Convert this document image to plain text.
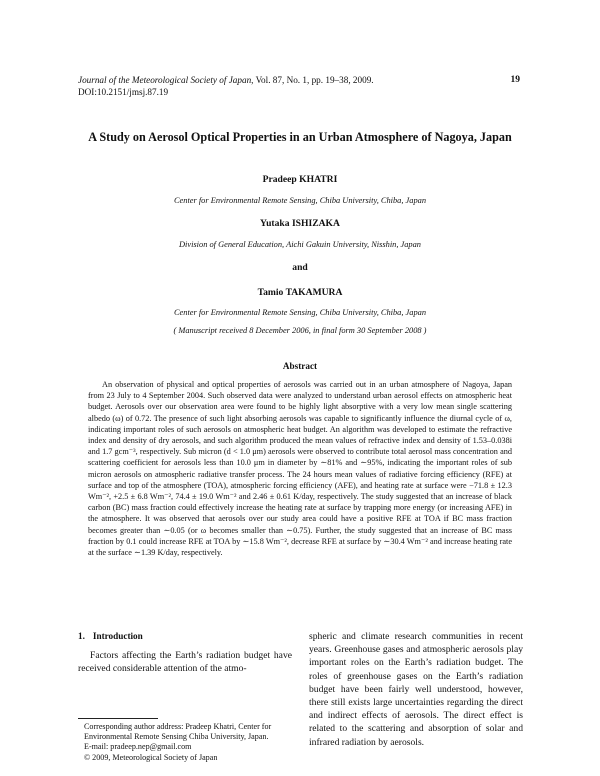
Journal of the Meteorological Society of Japan, Vol. 87, No. 1, pp. 19–38, 2009.
DOI:10.2151/jmsj.87.19
19
A Study on Aerosol Optical Properties in an Urban Atmosphere of Nagoya, Japan
Pradeep KHATRI
Center for Environmental Remote Sensing, Chiba University, Chiba, Japan
Yutaka ISHIZAKA
Division of General Education, Aichi Gakuin University, Nisshin, Japan
and
Tamio TAKAMURA
Center for Environmental Remote Sensing, Chiba University, Chiba, Japan
( Manuscript received 8 December 2006, in final form 30 September 2008 )
Abstract

An observation of physical and optical properties of aerosols was carried out in an urban atmosphere of Nagoya, Japan from 23 July to 4 September 2004. Such observed data were analyzed to understand urban aerosol effects on atmospheric heat budget. Aerosols over our observation area were found to be highly light absorptive with a very low mean single scattering albedo (ω) of 0.72. The presence of such light absorbing aerosols was capable to significantly influence the diurnal cycle of ω, indicating important roles of such aerosols on atmospheric heat budget. An algorithm was developed to estimate the refractive index and density of dry aerosols, and such algorithm produced the mean values of refractive index and density of 1.53–0.038i and 1.7 gcm⁻³, respectively. Sub micron (d < 1.0 μm) aerosols were observed to contribute total aerosol mass concentration and scattering coefficient for aerosols less than 10.0 μm in diameter by ∼81% and ∼95%, indicating the important roles of sub micron aerosols on atmospheric radiative transfer process. The 24 hours mean values of radiative forcing efficiency (RFE) at surface and top of the atmosphere (TOA), atmospheric forcing efficiency (AFE), and heating rate at surface were −71.8 ± 12.3 Wm⁻², +2.5 ± 6.8 Wm⁻², 74.4 ± 19.0 Wm⁻² and 2.46 ± 0.61 K/day, respectively. The study suggested that an increase of black carbon (BC) mass fraction could effectively increase the heating rate at surface by trapping more energy (or increasing AFE) in the atmosphere. It was observed that aerosols over our study area could have a positive RFE at TOA if BC mass fraction becomes greater than ∼0.05 (or ω becomes smaller than ∼0.75). Further, the study suggested that an increase of BC mass fraction by 0.1 could increase RFE at TOA by ∼15.8 Wm⁻², decrease RFE at surface by ∼30.4 Wm⁻² and increase heating rate at the surface ∼1.39 K/day, respectively.

1. Introduction

Factors affecting the Earth’s radiation budget have received considerable attention of the atmo-

spheric and climate research communities in recent years. Greenhouse gases and atmospheric aerosols play important roles on the Earth’s radiation budget. The roles of greenhouse gases on the Earth’s radiation budget have been fairly well understood, however, there still exists large uncertainties regarding the direct and indirect effects of aerosols. The direct effect is related to the scattering and absorption of solar and infrared radiation by aerosols.

Corresponding author address: Pradeep Khatri, Center for Environmental Remote Sensing Chiba University, Japan.
E-mail: pradeep.nep@gmail.com
© 2009, Meteorological Society of Japan
